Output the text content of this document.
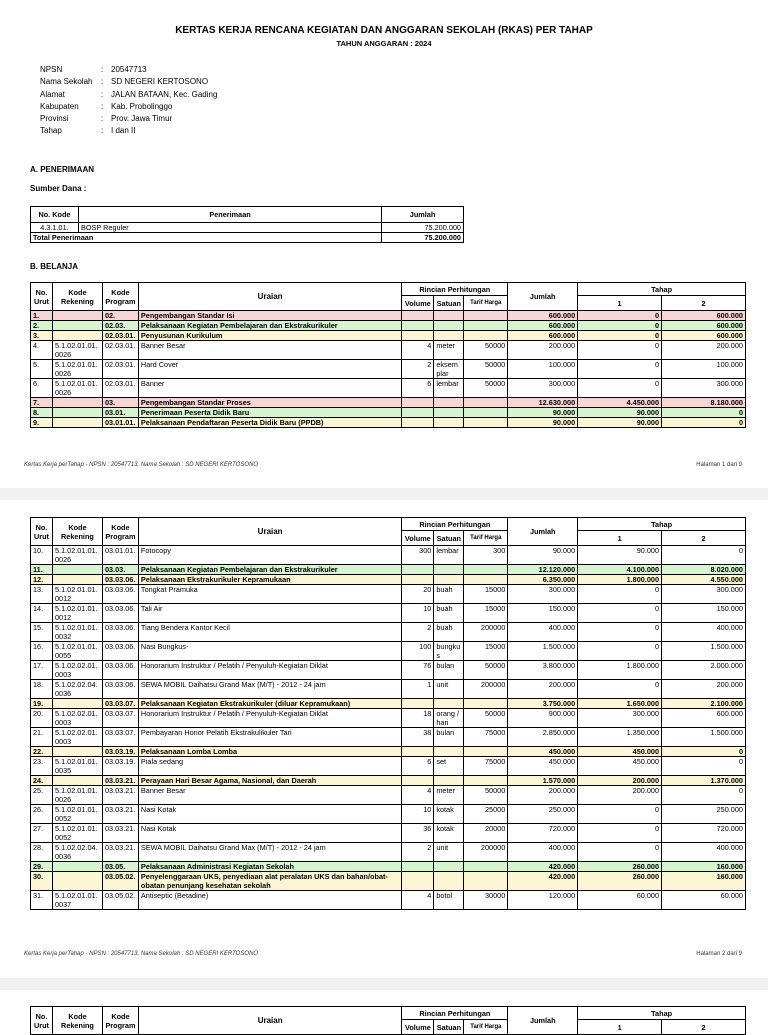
KERTAS KERJA RENCANA KEGIATAN DAN ANGGARAN SEKOLAH (RKAS) PER TAHAP
TAHUN ANGGARAN : 2024
NPSN	: 20547713
Nama Sekolah	: SD NEGERI KERTOSONO
Alamat	: JALAN BATAAN, Kec. Gading
Kabupaten	: Kab. Probolinggo
Provinsi	: Prov. Jawa Timur
Tahap	: I dan II
A. PENERIMAAN
Sumber Dana :
No. Kode	Penerimaan	Jumlah
4.3.1.01.	BOSP Reguler	75.200.000
Total Penerimaan		75.200.000
B. BELANJA
No. Urut	Kode Rekening	Kode Program	Uraian	Rincian Perhitungan			Jumlah	Tahap	
				Volume	Satuan	Tarif Harga		1	2
1.		02.	Pengembangan Standar Isi				600.000	0	600.000
2.		02.03.	Pelaksanaan Kegiatan Pembelajaran dan Ekstrakurikuler				600.000	0	600.000
3.		02.03.01.	Penyusunan Kurikulum				600.000	0	600.000
4.	5.1.02.01.01.0026	02.03.01.	Banner Besar	4	meter	50000	200.000	0	200.000
5.	5.1.02.01.01.0026	02.03.01.	Hard Cover	2	eksemplar	50000	100.000	0	100.000
6.	5.1.02.01.01.0026	02.03.01.	Banner	6	lembar	50000	300.000	0	300.000
7.		03.	Pengembangan Standar Proses				12.630.000	4.450.000	8.180.000
8.		03.01.	Penerimaan Peserta Didik Baru				90.000	90.000	0
9.		03.01.01.	Pelaksanaan Pendaftaran Peserta Didik Baru (PPDB)				90.000	90.000	0
Kertas Kerja perTahap - NPSN : 20547713, Nama Sekolah : SD NEGERI KERTOSONO	Halaman 1 dari 9
No. Urut	Kode Rekening	Kode Program	Uraian	Rincian Perhitungan			Jumlah	Tahap	
				Volume	Satuan	Tarif Harga		1	2
10.	5.1.02.01.01.0026	03.01.01.	Fotocopy	300	lembar	300	90.000	90.000	0
11.		03.03.	Pelaksanaan Kegiatan Pembelajaran dan Ekstrakurikuler				12.120.000	4.100.000	8.020.000
12.		03.03.06.	Pelaksanaan Ekstrakurikuler Kepramukaan				6.350.000	1.800.000	4.550.000
13.	5.1.02.01.01.0012	03.03.06.	Tongkat Pramuka	20	buah	15000	300.000	0	300.000
14.	5.1.02.01.01.0012	03.03.06.	Tali Air	10	buah	15000	150.000	0	150.000
15.	5.1.02.01.01.0032	03.03.06.	Tiang Bendera Kantor Kecil	2	buah	200000	400.000	0	400.000
16.	5.1.02.01.01.0055	03.03.06.	Nasi Bungkus-	100	bungkus	15000	1.500.000	0	1.500.000
17.	5.1.02.02.01.0003	03.03.06.	Honorarium Instruktur / Pelatih / Penyuluh-Kegiatan Diklat	76	bulan	50000	3.800.000	1.800.000	2.000.000
18.	5.1.02.02.04.0036	03.03.06.	SEWA MOBIL Daihatsu Grand Max (M/T) - 2012 - 24 jam	1	unit	200000	200.000	0	200.000
19.		03.03.07.	Pelaksanaan Kegiatan Ekstrakurikuler (diluar Kepramukaan)				3.750.000	1.650.000	2.100.000
20.	5.1.02.02.01.0003	03.03.07.	Honorarium Instruktur / Pelatih / Penyuluh-Kegiatan Diklat	18	orang / hari	50000	900.000	300.000	600.000
21.	5.1.02.02.01.0003	03.03.07.	Pembayaran Honor Pelatih Ekstrakulikuler Tari	38	bulan	75000	2.850.000	1.350.000	1.500.000
22.		03.03.19.	Pelaksanaan Lomba Lomba				450.000	450.000	0
23.	5.1.02.01.01.0035	03.03.19.	Piala sedang	6	set	75000	450.000	450.000	0
24.		03.03.21.	Perayaan Hari Besar Agama, Nasional, dan Daerah				1.570.000	200.000	1.370.000
25.	5.1.02.01.01.0026	03.03.21.	Banner Besar	4	meter	50000	200.000	200.000	0
26.	5.1.02.01.01.0052	03.03.21.	Nasi Kotak	10	kotak	25000	250.000	0	250.000
27.	5.1.02.01.01.0052	03.03.21.	Nasi Kotak	36	kotak	20000	720.000	0	720.000
28.	5.1.02.02.04.0036	03.03.21.	SEWA MOBIL Daihatsu Grand Max (M/T) - 2012 - 24 jam	2	unit	200000	400.000	0	400.000
29.		03.05.	Pelaksanaan Administrasi Kegiatan Sekolah				420.000	260.000	160.000
30.		03.05.02.	Penyelenggaraan UKS, penyediaan alat peralatan UKS dan bahan/obat-obatan penunjang kesehatan sekolah				420.000	260.000	160.000
31.	5.1.02.01.01.0037	03.05.02.	Antiseptic (Betadine)	4	botol	30000	120.000	60.000	60.000
Kertas Kerja perTahap - NPSN : 20547713, Nama Sekolah : SD NEGERI KERTOSONO	Halaman 2 dari 9
No. Urut	Kode Rekening	Kode Program	Uraian	Rincian Perhitungan			Jumlah	Tahap	
				Volume	Satuan	Tarif Harga		1	2
